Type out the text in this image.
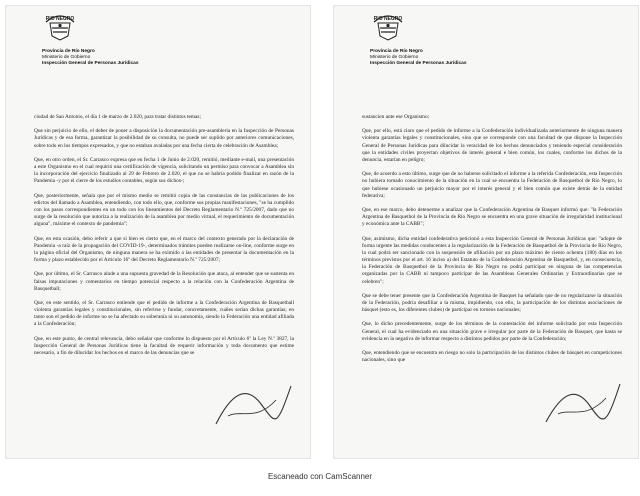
RIO NEGRO
Provincia de Río Negro
Ministerio de Gobierno
Inspección General de Personas Jurídicas

ciudad de San Antonio, el día 1 de marzo de 2.020, para tratar distintos temas;

Que sin perjuicio de ello, el deber de poner a disposición la documentación pre-asambleria en la Inspección de Personas Jurídicas y de esa forma, garantizar la posibilidad de su consulta, no puede ser suplido por anteriores comunicaciones, sobre todo en los tiempos expresados, y que no estaban avaladas por una fecha cierta de celebración de Asamblea;

Que, en otro orden, el Sr. Carrasco expresa que en fecha 1 de Junio de 2.020, remitió, mediante e-mail, una presentación a este Organismo en el cual requirió una certificación de vigencia, solicitando un permiso para convocar a Asamblea sin la incorporación del ejercicio finalizado al 29 de Febrero de 2.020, el que no se habría podido finalizar en razón de la Pandemia -y por el cierre de los estudios contables, según sus dichos-;

Que, posteriormente, señala que por el mismo medio se remitió copia de las constancias de las publicaciones de los edictos del llamado a Asamblea, entendiendo, con todo ello, que, conforme sus propias manifestaciones, "se ha cumplido con los pasos correspondientes en un todo con los lineamientos del Decreto Reglamentario N.º 725/2007, dado que no surge de la resolución que autoriza a la realización de la asamblea por medio virtual, el requerimiento de documentación alguna", máxime el contexto de pandemia";

Que, en esta ocasión, debo referir a que si bien es cierto que, en el marco del contexto generado por la declaración de Pandemia -a raíz de la propagación del COVID-19-, determinados trámites pueden realizarse on-line, conforme surge en la página oficial del Organismo, de ninguna manera se ha eximido a las entidades de presentar la documentación en la forma y plazo establecido por el Artículo 16º del Decreto Reglamentario N.º 725/2007;

Que, por último, el Sr. Carrasco alude a una supuesta gravedad de la Resolución que ataca, al entender que se sustenta en falsas imputaciones y comentarios en tiempo potencial respecto a la relación con la Confederación Argentina de Basquetball;

Que, en este sentido, el Sr. Carrasco entiende que el pedido de informe a la Confederación Argentina de Basquetball violenta garantías legales y constitucionales, sin referirse y fundar, concretamente, cuáles serían dichas garantías; en tanto son el pedido de informe no se ha afectado su soberanía ni su autonomía, siendo la Federación una entidad afiliada a la Confederación;

Que, en este punto, de central relevancia, debo señalar que conforme lo dispuesto por el Artículo 6º la Ley N.º 3827, la Inspección General de Personas Jurídicas tiene la facultad de requerir información y toda documento que estime necesario, a fin de dilucidar los hechos en el marco de las denuncias que se

RIO NEGRO
Provincia de Río Negro
Ministerio de Gobierno
Inspección General de Personas Jurídicas

sustancien ante ese Organismo;

Que, por ello, está claro que el pedido de informe a la Confederación individualizada anteriormente de ninguna manera violenta garantías legales y constitucionales, sino que se corresponde con una facultad de que dispone la Inspección General de Personas Jurídicas para dilucidar la veracidad de los hechos denunciados y teniendo especial consideración que la entidades civiles proyectan objetivos de interés general e bien común, los cuales, conforme los dichos de la denuncia, estarían en peligro;

Que, de acuerdo a esto último, surge que de no haberse solicitado el informe a la referida Confederación, esta Inspección no hubiera tomado conocimiento de la situación en la cual se encuentra la Federación de Basquetbol de Río Negro, lo que hubiese ocasionado un perjuicio mayor por el interés general y el bien común que existe detrás de la entidad federativa;

Que, en ese marco, debo detenerme a analizar que la Confederación Argentina de Basquet informó que: "la Federación Argentina de Basquetbol de la Provincia de Río Negro se encuentra en una grave situación de irregularidad institucional y económica ante la CABB";

Que, asimismo, dicha entidad confederativa peticionó a esta Inspección General de Personas Jurídicas que: "adopte de forma urgente las medidas conducentes a la regularización de la Federación de Basquetbol de la Provincia de Río Negro, la cual podrá ser sancionado con la suspensión de afiliación por un plazo máximo de ciento ochenta (180) días en los términos previstos por el art. 16 inciso a) del Estatuto de la Confederación Argentina de Basquetbol, y, en consecuencia, la Federación de Basquetbol de la Provincia de Río Negro no podrá participar en ninguna de las competencias organizadas por la CABB ni tampoco participar de las Asambleas Generales Ordinarias y Extraordinarias que se celebren";

Que se debe tener presente que la Confederación Argentina de Basquet ha señalado que de no regularizarse la situación de la Federación, podría desafiliar a la misma, impidiendo, con ello, la participación de los distintas asociaciones de básquet (esto es, los diferentes clubes) de participar en torneos nacionales;

Que, lo dicho precedentemente, surge de los términos de la contestación del informe solicitado por esta Inspección General, el cual ha evidenciado en una situación grave e irregular por parte de la Federación de Basquet, que hasta se evidencia en la negativa de informar respecto a distintos pedidos por parte de la Confederación;

Que, entendiendo que se encuentra en riesgo no solo la participación de los distintos clubes de básquet en competiciones nacionales, sino que

Escaneado con CamScanner
